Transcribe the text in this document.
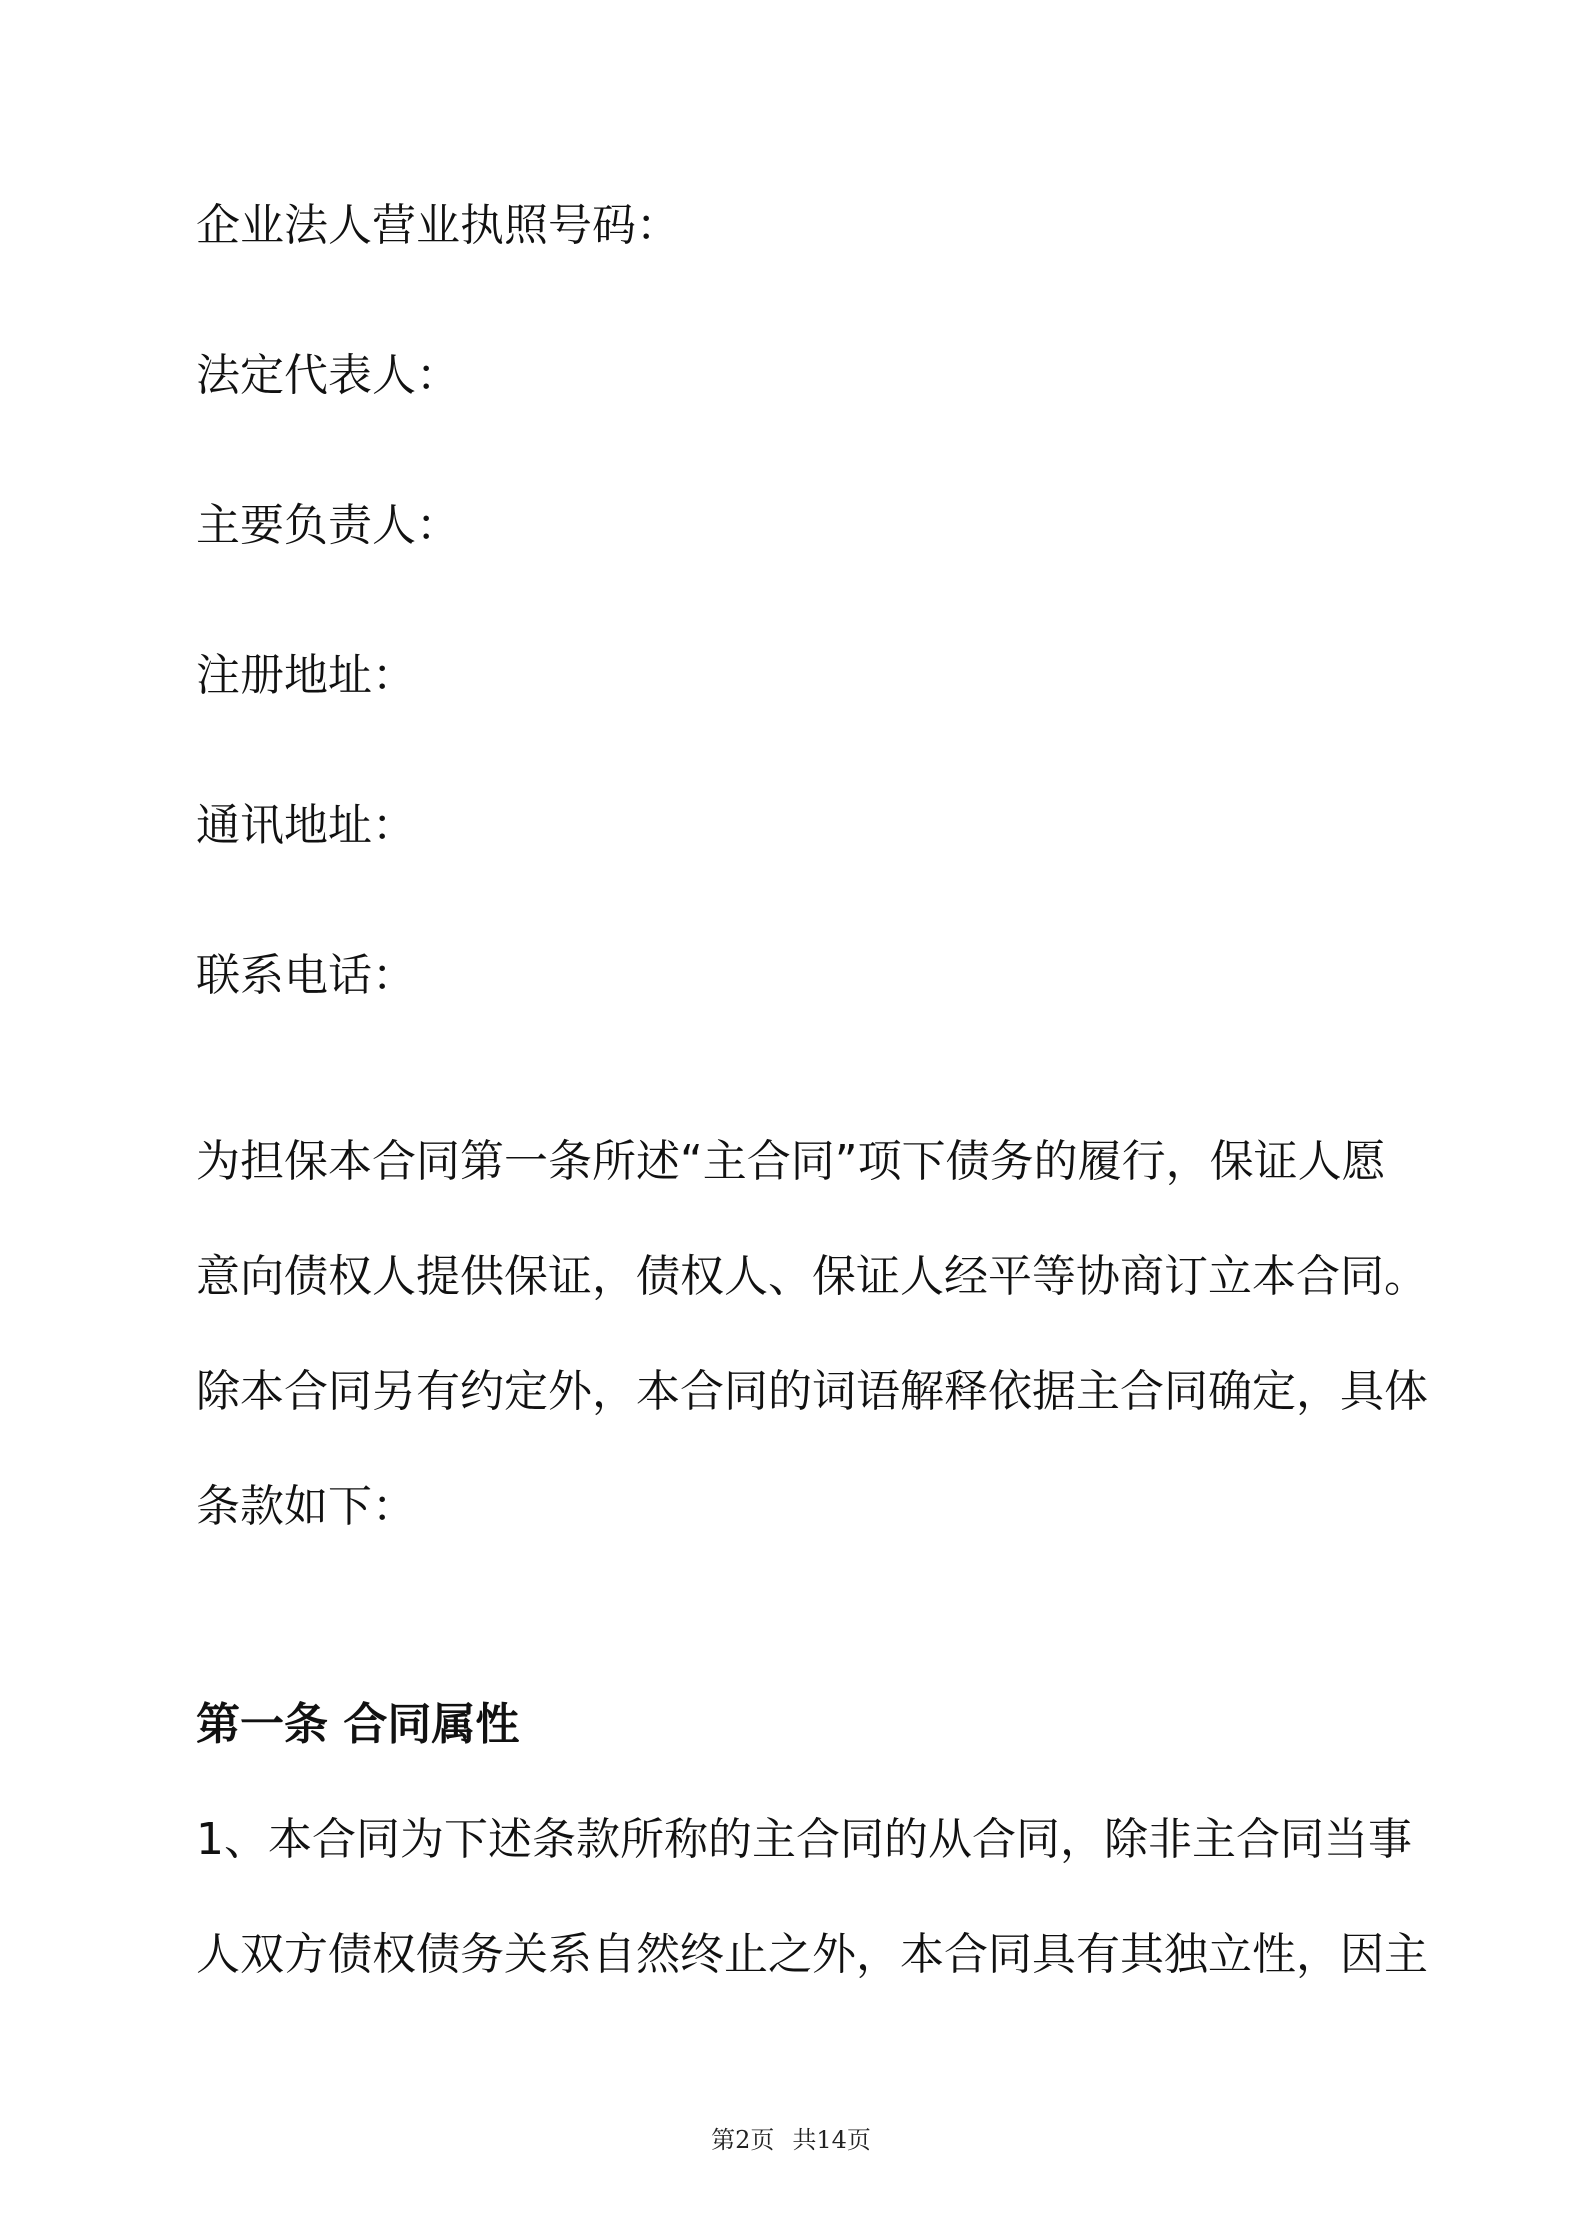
企业法人营业执照号码：

法定代表人：

主要负责人：

注册地址：

通讯地址：

联系电话：

为担保本合同第一条所述“主合同”项下债务的履行，保证人愿

意向债权人提供保证，债权人、保证人经平等协商订立本合同。

除本合同另有约定外，本合同的词语解释依据主合同确定，具体

条款如下：

第一条 合同属性

1、本合同为下述条款所称的主合同的从合同，除非主合同当事

人双方债权债务关系自然终止之外，本合同具有其独立性，因主

第2页 共14页
